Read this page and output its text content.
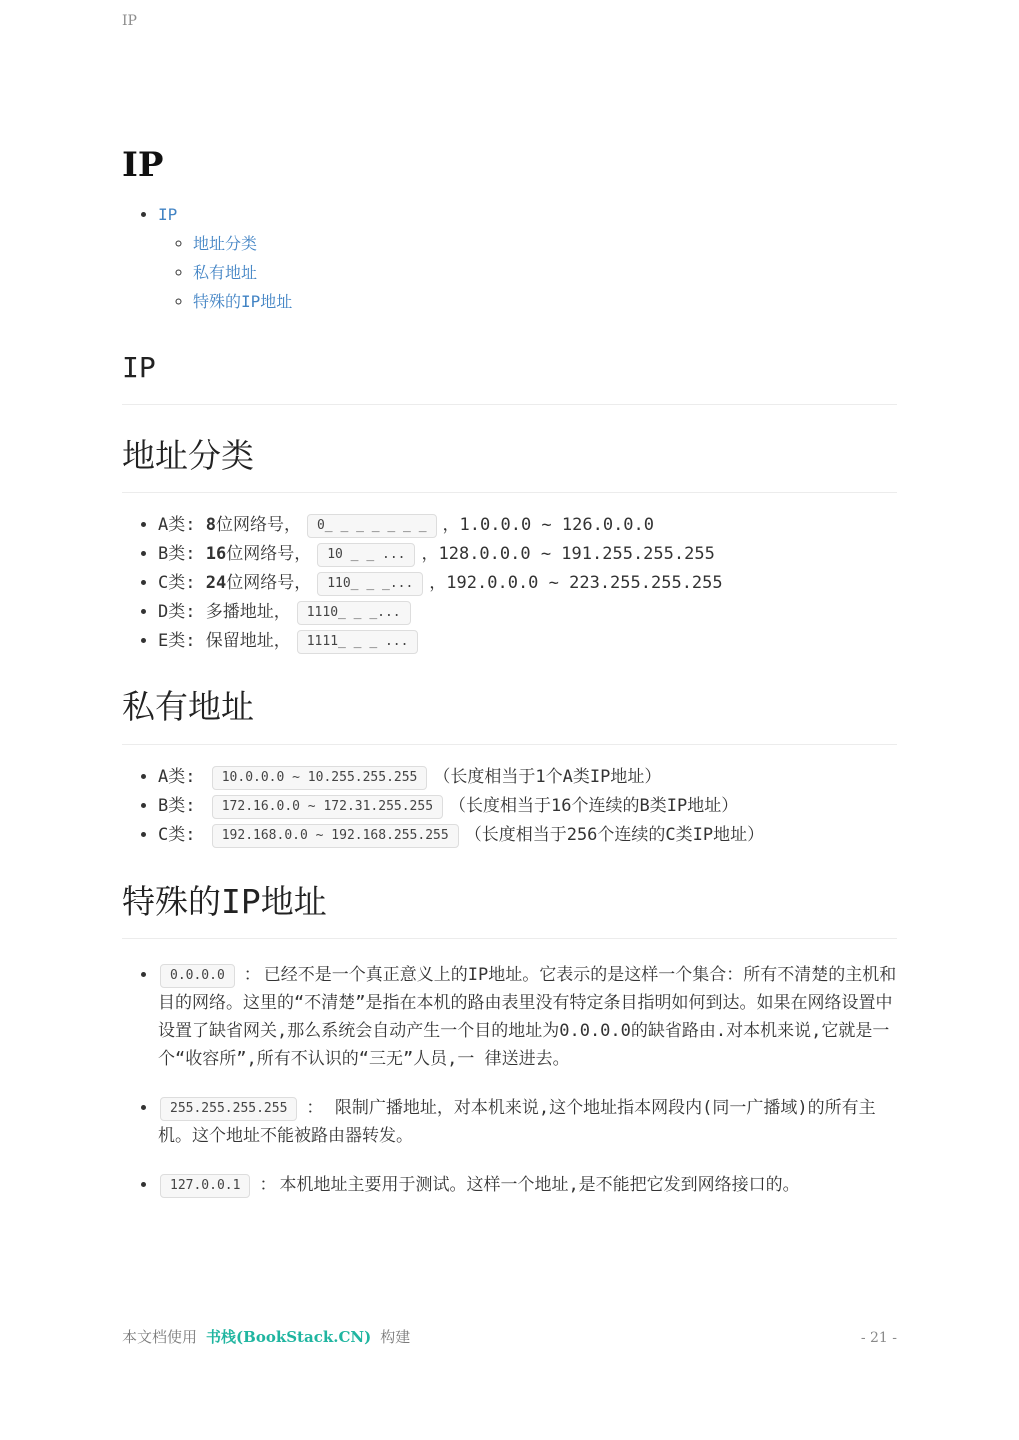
IP
IP
• IP
◦ 地址分类
◦ 私有地址
◦ 特殊的IP地址
IP
地址分类
• A类: 8位网络号， 0_ _ _ _ _ _ _ ，1.0.0.0 ~ 126.0.0.0
• B类: 16位网络号， 10 _ _ ... ，128.0.0.0 ~ 191.255.255.255
• C类: 24位网络号， 110_ _ _... ，192.0.0.0 ~ 223.255.255.255
• D类: 多播地址， 1110_ _ _...
• E类: 保留地址， 1111_ _ _ ...
私有地址
• A类: 10.0.0.0 ~ 10.255.255.255 （长度相当于1个A类IP地址）
• B类: 172.16.0.0 ~ 172.31.255.255 （长度相当于16个连续的B类IP地址）
• C类: 192.168.0.0 ~ 192.168.255.255 （长度相当于256个连续的C类IP地址）
特殊的IP地址
• 0.0.0.0 ： 已经不是一个真正意义上的IP地址。它表示的是这样一个集合：所有不清楚的主机和目的网络。这里的“不清楚”是指在本机的路由表里没有特定条目指明如何到达。如果在网络设置中设置了缺省网关,那么系统会自动产生一个目的地址为0.0.0.0的缺省路由.对本机来说,它就是一个“收容所”,所有不认识的“三无”人员,一 律送进去。
• 255.255.255.255 ：　限制广播地址，对本机来说,这个地址指本网段内(同一广播域)的所有主机。这个地址不能被路由器转发。
• 127.0.0.1 ： 本机地址主要用于测试。这样一个地址,是不能把它发到网络接口的。
本文档使用 书栈(BookStack.CN) 构建	- 21 -
